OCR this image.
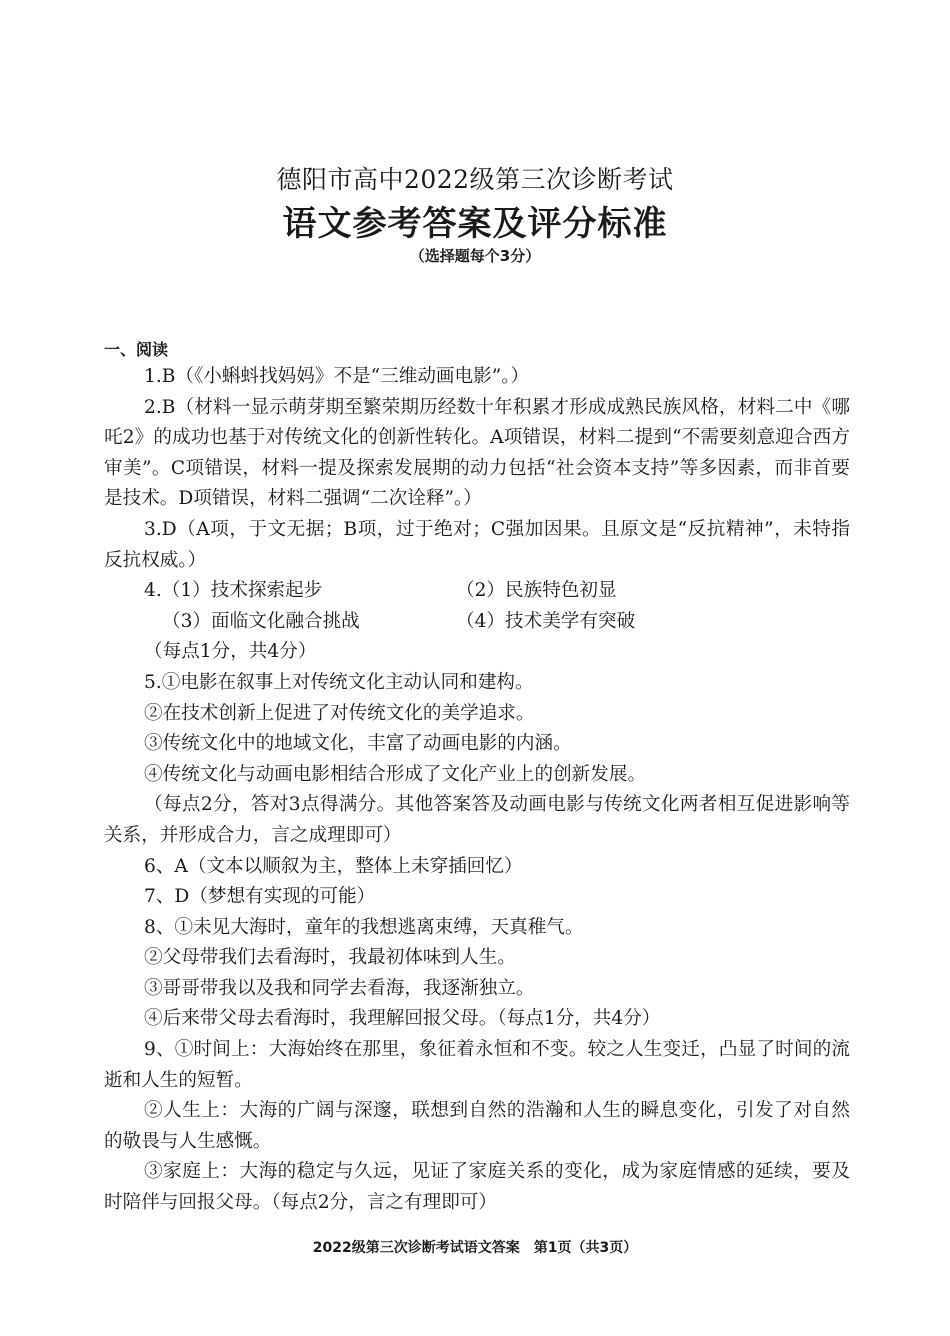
德阳市高中2022级第三次诊断考试
语文参考答案及评分标准
（选择题每个3分）
一、阅读

1.B（《小蝌蚪找妈妈》不是“三维动画电影”。）

2.B（材料一显示萌芽期至繁荣期历经数十年积累才形成成熟民族风格，材料二中《哪吒2》的成功也基于对传统文化的创新性转化。A项错误，材料二提到“不需要刻意迎合西方审美”。C项错误，材料一提及探索发展期的动力包括“社会资本支持”等多因素，而非首要是技术。D项错误，材料二强调“二次诠释”。）

3.D（A项，于文无据；B项，过于绝对；C强加因果。且原文是“反抗精神”，未特指反抗权威。）

4.（1）技术探索起步	（2）民族特色初显
（3）面临文化融合挑战	（4）技术美学有突破

（每点1分，共4分）

5.①电影在叙事上对传统文化主动认同和建构。

②在技术创新上促进了对传统文化的美学追求。

③传统文化中的地域文化，丰富了动画电影的内涵。

④传统文化与动画电影相结合形成了文化产业上的创新发展。

（每点2分，答对3点得满分。其他答案答及动画电影与传统文化两者相互促进影响等关系，并形成合力，言之成理即可）

6、A（文本以顺叙为主，整体上未穿插回忆）

7、D（梦想有实现的可能）

8、①未见大海时，童年的我想逃离束缚，天真稚气。

②父母带我们去看海时，我最初体味到人生。

③哥哥带我以及我和同学去看海，我逐渐独立。

④后来带父母去看海时，我理解回报父母。（每点1分，共4分）

9、①时间上：大海始终在那里，象征着永恒和不变。较之人生变迁，凸显了时间的流逝和人生的短暂。

②人生上：大海的广阔与深邃，联想到自然的浩瀚和人生的瞬息变化，引发了对自然的敬畏与人生感慨。

③家庭上：大海的稳定与久远，见证了家庭关系的变化，成为家庭情感的延续，要及时陪伴与回报父母。（每点2分，言之有理即可）

2022级第三次诊断考试语文答案　第1页（共3页）
